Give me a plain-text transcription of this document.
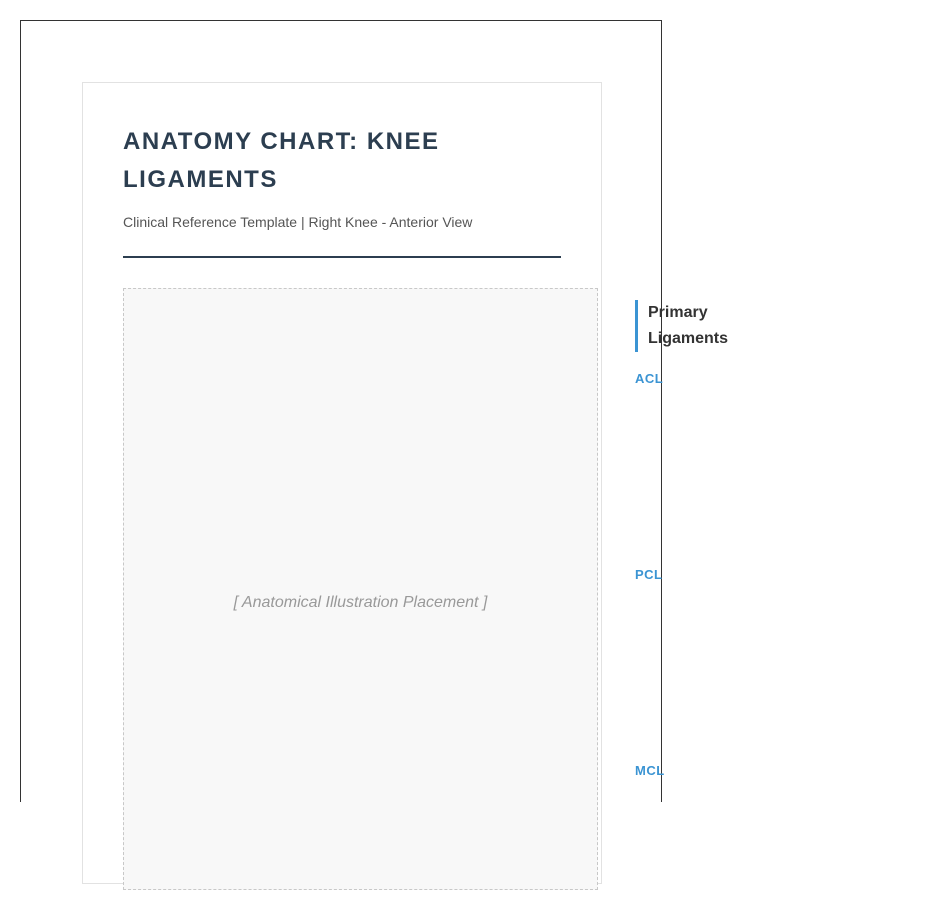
ANATOMY CHART: KNEE LIGAMENTS

Clinical Reference Template | Right Knee - Anterior View

[ Anatomical Illustration Placement ]
Primary
Ligaments
ACL
PCL
MCL
